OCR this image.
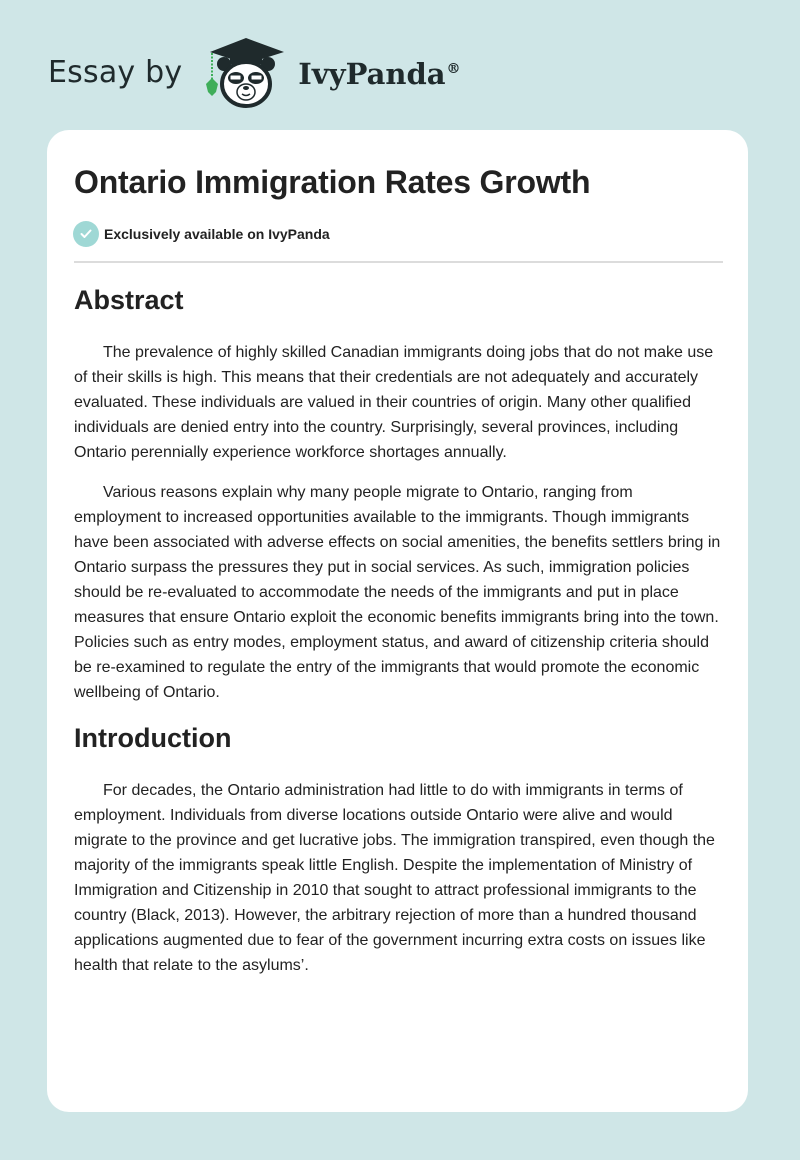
Essay by	IvyPanda®
Ontario Immigration Rates Growth
Exclusively available on IvyPanda
Abstract

The prevalence of highly skilled Canadian immigrants doing jobs that do not make use of their skills is high. This means that their credentials are not adequately and accurately evaluated. These individuals are valued in their countries of origin. Many other qualified individuals are denied entry into the country. Surprisingly, several provinces, including Ontario perennially experience workforce shortages annually.

Various reasons explain why many people migrate to Ontario, ranging from employment to increased opportunities available to the immigrants. Though immigrants have been associated with adverse effects on social amenities, the benefits settlers bring in Ontario surpass the pressures they put in social services. As such, immigration policies should be re-evaluated to accommodate the needs of the immigrants and put in place measures that ensure Ontario exploit the economic benefits immigrants bring into the town. Policies such as entry modes, employment status, and award of citizenship criteria should be re-examined to regulate the entry of the immigrants that would promote the economic wellbeing of Ontario.

Introduction

For decades, the Ontario administration had little to do with immigrants in terms of employment. Individuals from diverse locations outside Ontario were alive and would migrate to the province and get lucrative jobs. The immigration transpired, even though the majority of the immigrants speak little English. Despite the implementation of Ministry of Immigration and Citizenship in 2010 that sought to attract professional immigrants to the country (Black, 2013). However, the arbitrary rejection of more than a hundred thousand applications augmented due to fear of the government incurring extra costs on issues like health that relate to the asylums’.
